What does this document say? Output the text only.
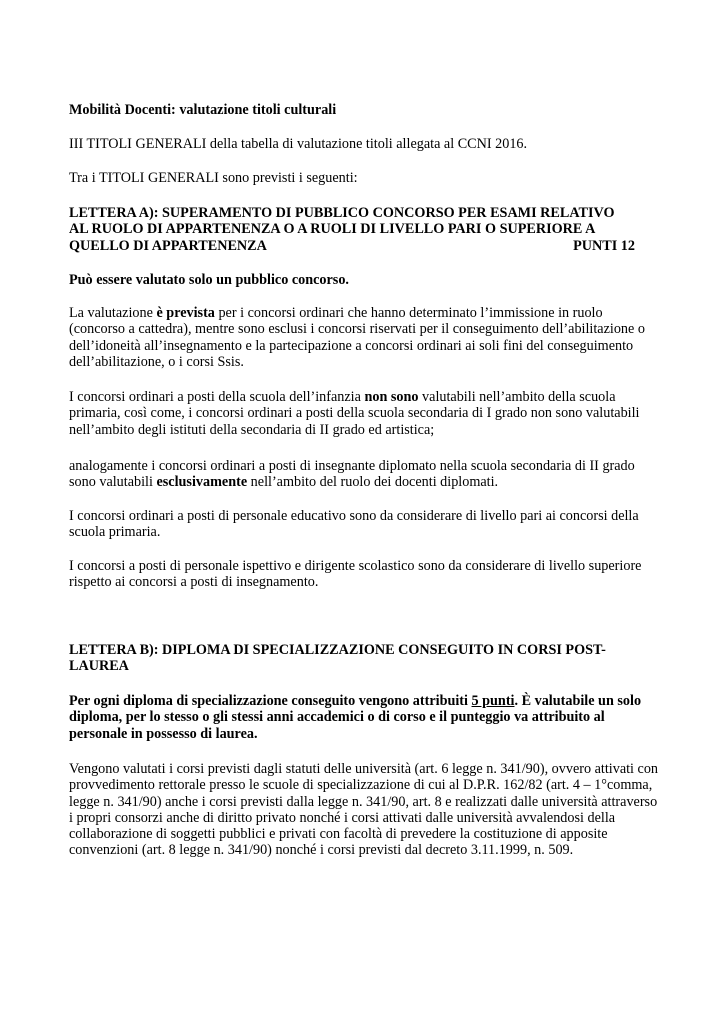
Mobilità Docenti: valutazione titoli culturali

III TITOLI GENERALI della tabella di valutazione titoli allegata al CCNI 2016.

Tra i TITOLI GENERALI sono previsti i seguenti:

LETTERA A): SUPERAMENTO DI PUBBLICO CONCORSO PER ESAMI RELATIVO
AL RUOLO DI APPARTENENZA O A RUOLI DI LIVELLO PARI O SUPERIORE A
QUELLO DI APPARTENENZA	PUNTI 12

Può essere valutato solo un pubblico concorso.

La valutazione è prevista per i concorsi ordinari che hanno determinato l’immissione in ruolo (concorso a cattedra), mentre sono esclusi i concorsi riservati per il conseguimento dell’abilitazione o dell’idoneità all’insegnamento e la partecipazione a concorsi ordinari ai soli fini del conseguimento dell’abilitazione, o i corsi Ssis.

I concorsi ordinari a posti della scuola dell’infanzia non sono valutabili nell’ambito della scuola primaria, così come, i concorsi ordinari a posti della scuola secondaria di I grado non sono valutabili nell’ambito degli istituti della secondaria di II grado ed artistica;

analogamente i concorsi ordinari a posti di insegnante diplomato nella scuola secondaria di II grado sono valutabili esclusivamente nell’ambito del ruolo dei docenti diplomati.

I concorsi ordinari a posti di personale educativo sono da considerare di livello pari ai concorsi della scuola primaria.

I concorsi a posti di personale ispettivo e dirigente scolastico sono da considerare di livello superiore rispetto ai concorsi a posti di insegnamento.

LETTERA B): DIPLOMA DI SPECIALIZZAZIONE CONSEGUITO IN CORSI POST-
LAUREA

Per ogni diploma di specializzazione conseguito vengono attribuiti 5 punti. È valutabile un solo diploma, per lo stesso o gli stessi anni accademici o di corso e il punteggio va attribuito al personale in possesso di laurea.

Vengono valutati i corsi previsti dagli statuti delle università (art. 6 legge n. 341/90), ovvero attivati con provvedimento rettorale presso le scuole di specializzazione di cui al D.P.R. 162/82 (art. 4 – 1°comma, legge n. 341/90) anche i corsi previsti dalla legge n. 341/90, art. 8 e realizzati dalle università attraverso i propri consorzi anche di diritto privato nonché i corsi attivati dalle università avvalendosi della collaborazione di soggetti pubblici e privati con facoltà di prevedere la costituzione di apposite convenzioni (art. 8 legge n. 341/90) nonché i corsi previsti dal decreto 3.11.1999, n. 509.
